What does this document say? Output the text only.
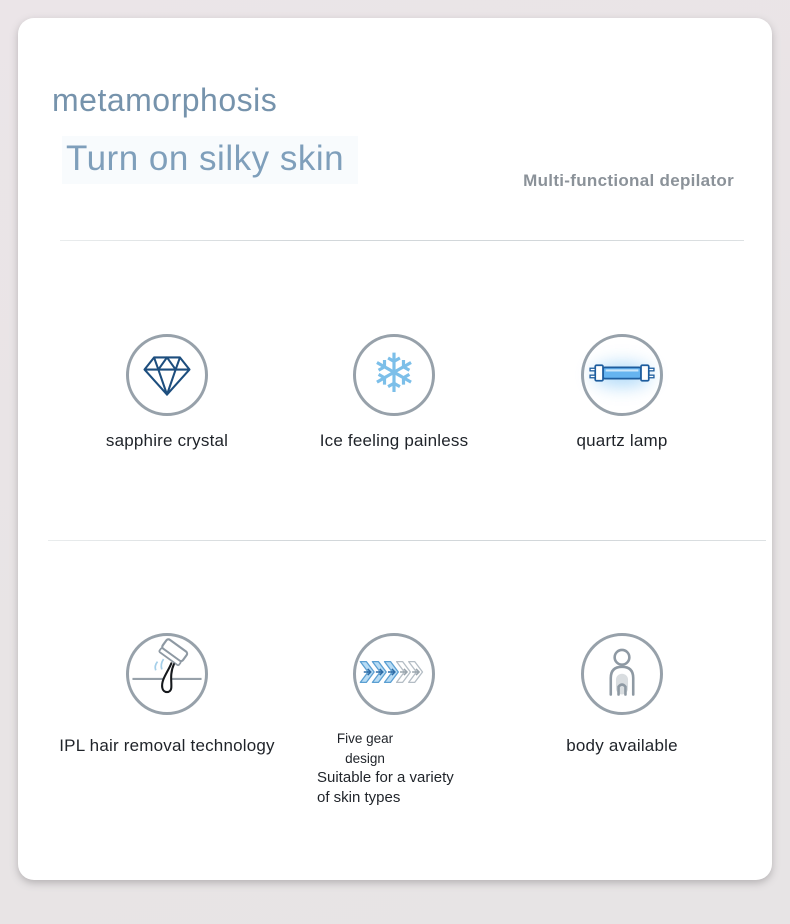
metamorphosis
Turn on silky skin
Multi-functional depilator
sapphire crystal
❄
Ice feeling painless	quartz lamp
IPL hair removal technology	Five gear
design
Suitable for a variety
of skin types
body available
